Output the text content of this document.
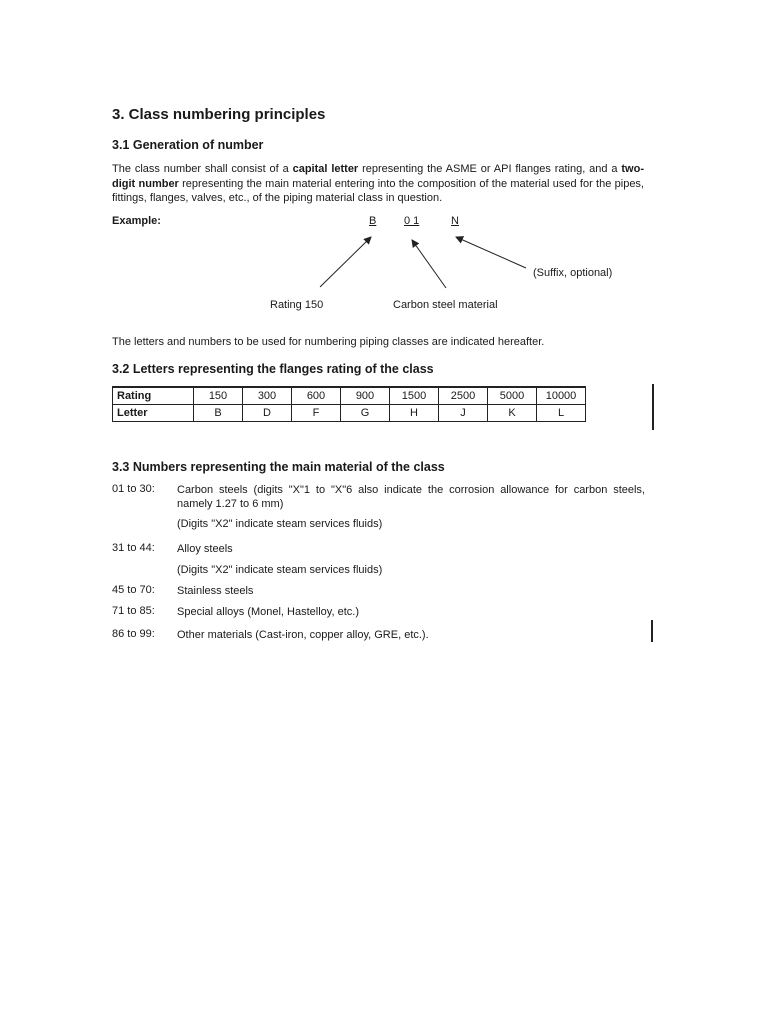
3. Class numbering principles
3.1 Generation of number
The class number shall consist of a capital letter representing the ASME or API flanges rating, and a two-digit number representing the main material entering into the composition of the material used for the pipes, fittings, flanges, valves, etc., of the piping material class in question.
Example:	B	0 1	N
(Suffix, optional)
Rating 150	Carbon steel material
The letters and numbers to be used for numbering piping classes are indicated hereafter.
3.2 Letters representing the flanges rating of the class
Rating	150	300	600	900	1500	2500	5000	10000
Letter	B	D	F	G	H	J	K	L
3.3 Numbers representing the main material of the class
01 to 30: Carbon steels (digits "X"1 to "X"6 also indicate the corrosion allowance for carbon steels, namely 1.27 to 6 mm)
(Digits "X2" indicate steam services fluids)
31 to 44: Alloy steels
(Digits "X2" indicate steam services fluids)
45 to 70: Stainless steels
71 to 85: Special alloys (Monel, Hastelloy, etc.)
86 to 99: Other materials (Cast-iron, copper alloy, GRE, etc.).
